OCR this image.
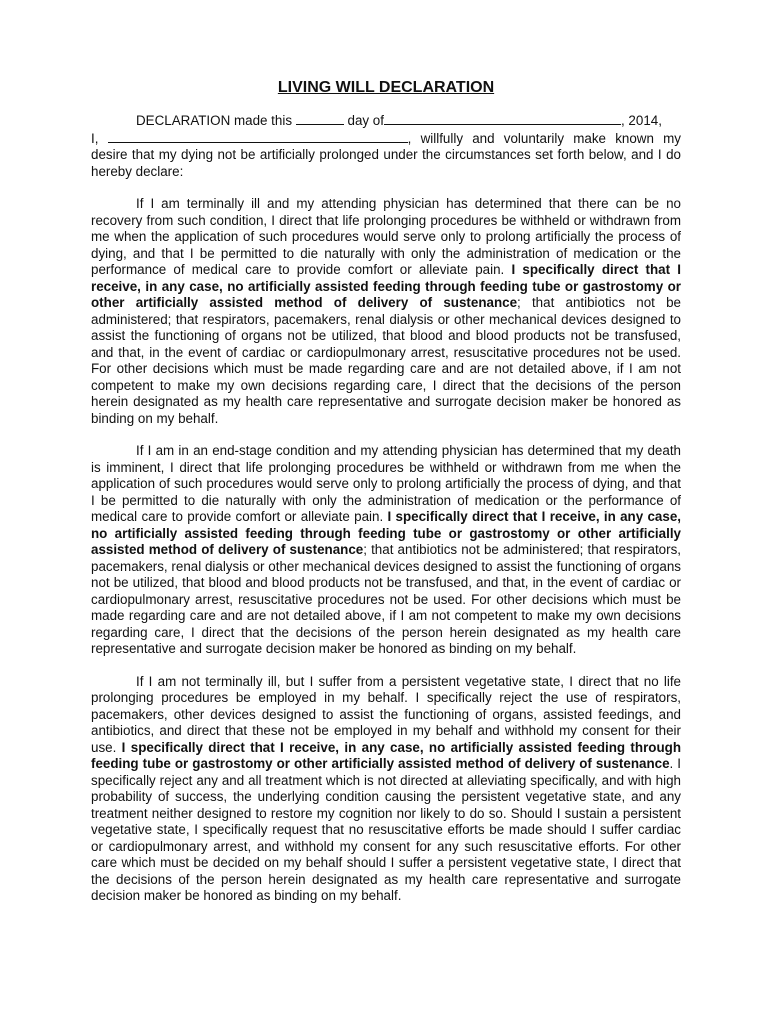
LIVING WILL DECLARATION
DECLARATION made this	day of	, 2014,
I,	, willfully and voluntarily make known my desire that my dying not be artificially prolonged under the circumstances set forth below, and I do hereby declare:

If I am terminally ill and my attending physician has determined that there can be no recovery from such condition, I direct that life prolonging procedures be withheld or withdrawn from me when the application of such procedures would serve only to prolong artificially the process of dying, and that I be permitted to die naturally with only the administration of medication or the performance of medical care to provide comfort or alleviate pain. I specifically direct that I receive, in any case, no artificially assisted feeding through feeding tube or gastrostomy or other artificially assisted method of delivery of sustenance; that antibiotics not be administered; that respirators, pacemakers, renal dialysis or other mechanical devices designed to assist the functioning of organs not be utilized, that blood and blood products not be transfused, and that, in the event of cardiac or cardiopulmonary arrest, resuscitative procedures not be used. For other decisions which must be made regarding care and are not detailed above, if I am not competent to make my own decisions regarding care, I direct that the decisions of the person herein designated as my health care representative and surrogate decision maker be honored as binding on my behalf.

If I am in an end-stage condition and my attending physician has determined that my death is imminent, I direct that life prolonging procedures be withheld or withdrawn from me when the application of such procedures would serve only to prolong artificially the process of dying, and that I be permitted to die naturally with only the administration of medication or the performance of medical care to provide comfort or alleviate pain. I specifically direct that I receive, in any case, no artificially assisted feeding through feeding tube or gastrostomy or other artificially assisted method of delivery of sustenance; that antibiotics not be administered; that respirators, pacemakers, renal dialysis or other mechanical devices designed to assist the functioning of organs not be utilized, that blood and blood products not be transfused, and that, in the event of cardiac or cardiopulmonary arrest, resuscitative procedures not be used. For other decisions which must be made regarding care and are not detailed above, if I am not competent to make my own decisions regarding care, I direct that the decisions of the person herein designated as my health care representative and surrogate decision maker be honored as binding on my behalf.

If I am not terminally ill, but I suffer from a persistent vegetative state, I direct that no life prolonging procedures be employed in my behalf. I specifically reject the use of respirators, pacemakers, other devices designed to assist the functioning of organs, assisted feedings, and antibiotics, and direct that these not be employed in my behalf and withhold my consent for their use. I specifically direct that I receive, in any case, no artificially assisted feeding through feeding tube or gastrostomy or other artificially assisted method of delivery of sustenance. I specifically reject any and all treatment which is not directed at alleviating specifically, and with high probability of success, the underlying condition causing the persistent vegetative state, and any treatment neither designed to restore my cognition nor likely to do so. Should I sustain a persistent vegetative state, I specifically request that no resuscitative efforts be made should I suffer cardiac or cardiopulmonary arrest, and withhold my consent for any such resuscitative efforts. For other care which must be decided on my behalf should I suffer a persistent vegetative state, I direct that the decisions of the person herein designated as my health care representative and surrogate decision maker be honored as binding on my behalf.
